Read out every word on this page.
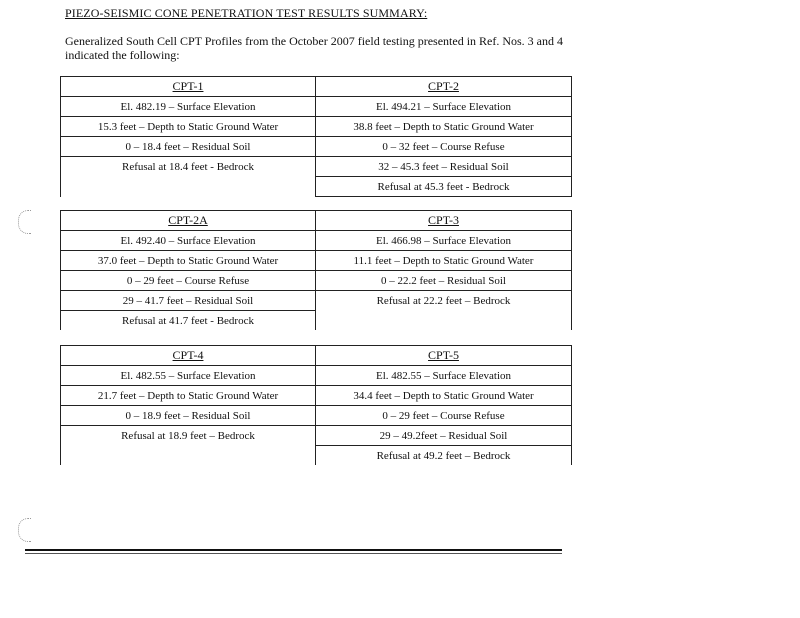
PIEZO-SEISMIC CONE PENETRATION TEST RESULTS SUMMARY:
Generalized South Cell CPT Profiles from the October 2007 field testing presented in Ref. Nos. 3 and 4 indicated the following:
CPT-1	CPT-2
El. 482.19 – Surface Elevation	El. 494.21 – Surface Elevation
15.3 feet – Depth to Static Ground Water	38.8 feet – Depth to Static Ground Water
0 – 18.4 feet – Residual Soil	0 – 32 feet – Course Refuse
Refusal at 18.4 feet - Bedrock	32 – 45.3 feet – Residual Soil
	Refusal at 45.3 feet - Bedrock
CPT-2A	CPT-3
El. 492.40 – Surface Elevation	El. 466.98 – Surface Elevation
37.0 feet – Depth to Static Ground Water	11.1 feet – Depth to Static Ground Water
0 – 29 feet – Course Refuse	0 – 22.2 feet – Residual Soil
29 – 41.7 feet – Residual Soil	Refusal at 22.2 feet – Bedrock
Refusal at 41.7 feet - Bedrock	
CPT-4	CPT-5
El. 482.55 – Surface Elevation	El. 482.55 – Surface Elevation
21.7 feet – Depth to Static Ground Water	34.4 feet – Depth to Static Ground Water
0 – 18.9 feet – Residual Soil	0 – 29 feet – Course Refuse
Refusal at 18.9 feet – Bedrock	29 – 49.2feet – Residual Soil
	Refusal at 49.2 feet – Bedrock
